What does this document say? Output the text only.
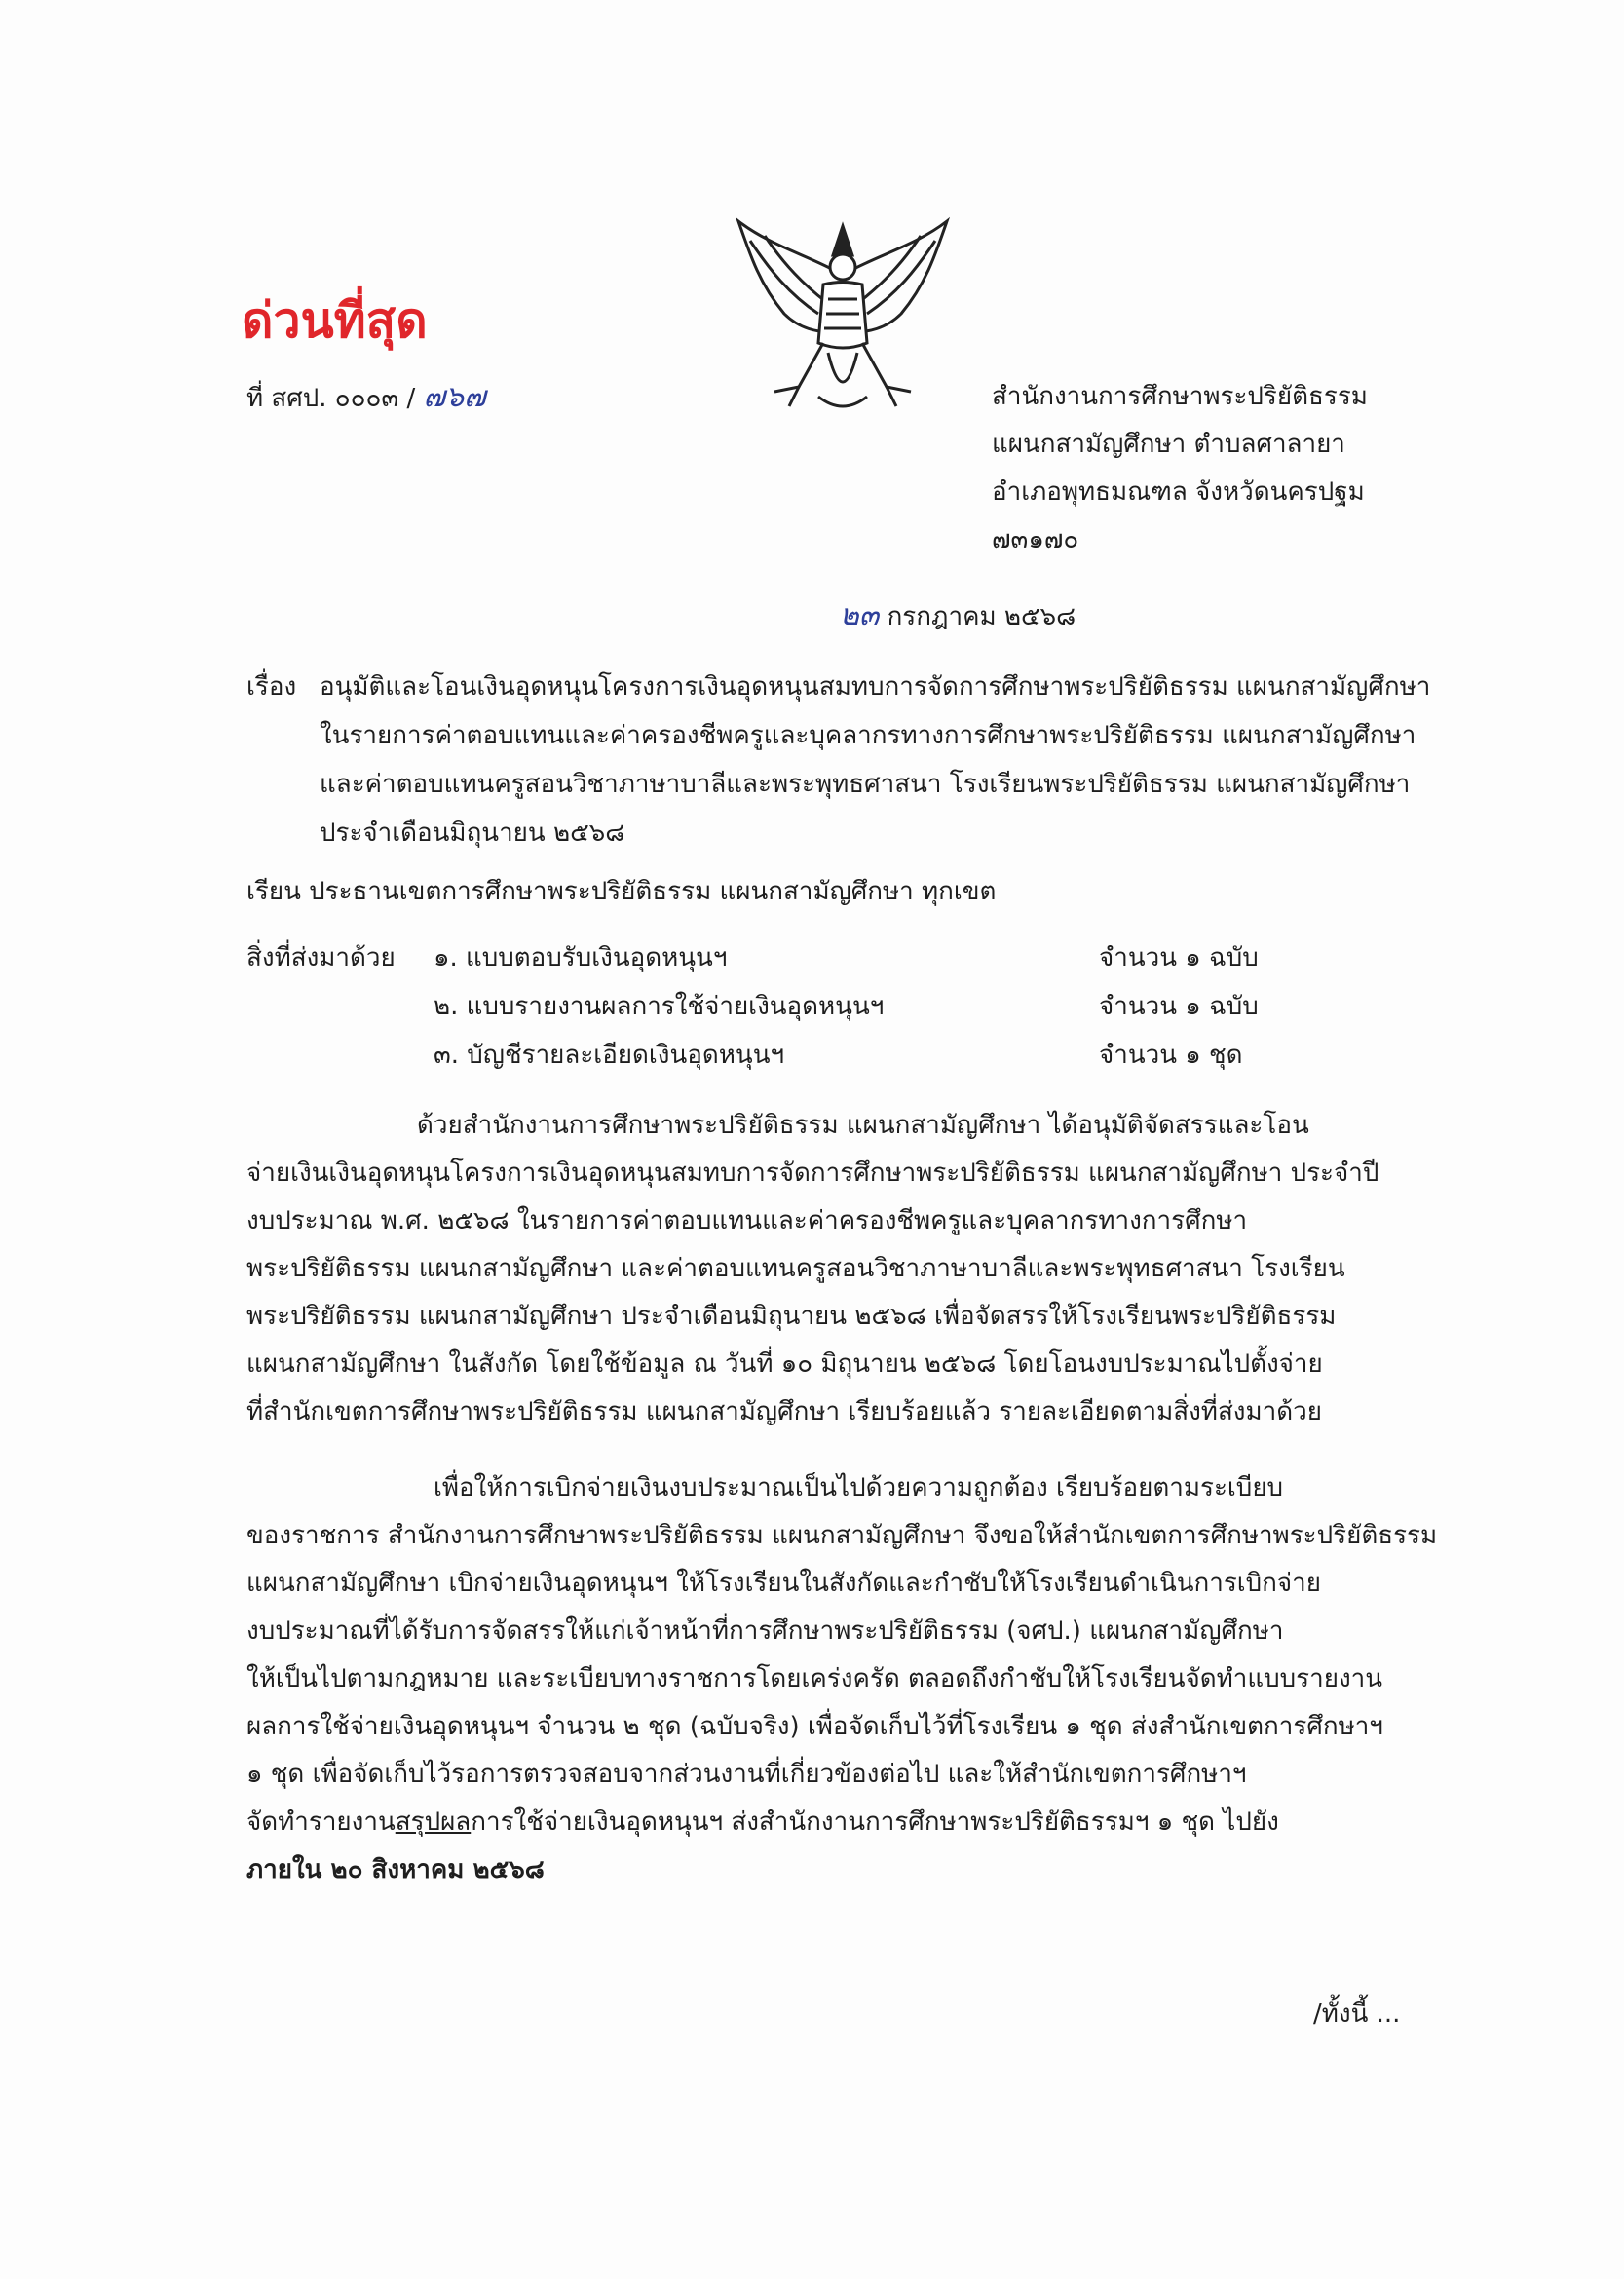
ด่วนที่สุด
ที่ สศป. ๐๐๐๓ / ๗๖๗	สำนักงานการศึกษาพระปริยัติธรรม
แผนกสามัญศึกษา ตำบลศาลายา
อำเภอพุทธมณฑล จังหวัดนครปฐม
๗๓๑๗๐
๒๓ กรกฎาคม ๒๕๖๘
เรื่อง อนุมัติและโอนเงินอุดหนุนโครงการเงินอุดหนุนสมทบการจัดการศึกษาพระปริยัติธรรม แผนกสามัญศึกษา
ในรายการค่าตอบแทนและค่าครองชีพครูและบุคลากรทางการศึกษาพระปริยัติธรรม แผนกสามัญศึกษา
และค่าตอบแทนครูสอนวิชาภาษาบาลีและพระพุทธศาสนา โรงเรียนพระปริยัติธรรม แผนกสามัญศึกษา
ประจำเดือนมิถุนายน ๒๕๖๘
เรียน ประธานเขตการศึกษาพระปริยัติธรรม แผนกสามัญศึกษา ทุกเขต
สิ่งที่ส่งมาด้วย ๑. แบบตอบรับเงินอุดหนุนฯ
๒. แบบรายงานผลการใช้จ่ายเงินอุดหนุนฯ
๓. บัญชีรายละเอียดเงินอุดหนุนฯ
จำนวน ๑ ฉบับ
จำนวน ๑ ฉบับ
จำนวน ๑ ชุด
ด้วยสำนักงานการศึกษาพระปริยัติธรรม แผนกสามัญศึกษา ได้อนุมัติจัดสรรและโอน
จ่ายเงินเงินอุดหนุนโครงการเงินอุดหนุนสมทบการจัดการศึกษาพระปริยัติธรรม แผนกสามัญศึกษา ประจำปี
งบประมาณ พ.ศ. ๒๕๖๘ ในรายการค่าตอบแทนและค่าครองชีพครูและบุคลากรทางการศึกษา
พระปริยัติธรรม แผนกสามัญศึกษา และค่าตอบแทนครูสอนวิชาภาษาบาลีและพระพุทธศาสนา โรงเรียน
พระปริยัติธรรม แผนกสามัญศึกษา ประจำเดือนมิถุนายน ๒๕๖๘ เพื่อจัดสรรให้โรงเรียนพระปริยัติธรรม
แผนกสามัญศึกษา ในสังกัด โดยใช้ข้อมูล ณ วันที่ ๑๐ มิถุนายน ๒๕๖๘ โดยโอนงบประมาณไปตั้งจ่าย
ที่สำนักเขตการศึกษาพระปริยัติธรรม แผนกสามัญศึกษา เรียบร้อยแล้ว รายละเอียดตามสิ่งที่ส่งมาด้วย
เพื่อให้การเบิกจ่ายเงินงบประมาณเป็นไปด้วยความถูกต้อง เรียบร้อยตามระเบียบ
ของราชการ สำนักงานการศึกษาพระปริยัติธรรม แผนกสามัญศึกษา จึงขอให้สำนักเขตการศึกษาพระปริยัติธรรม
แผนกสามัญศึกษา เบิกจ่ายเงินอุดหนุนฯ ให้โรงเรียนในสังกัดและกำชับให้โรงเรียนดำเนินการเบิกจ่าย
งบประมาณที่ได้รับการจัดสรรให้แก่เจ้าหน้าที่การศึกษาพระปริยัติธรรม (จศป.) แผนกสามัญศึกษา
ให้เป็นไปตามกฎหมาย และระเบียบทางราชการโดยเคร่งครัด ตลอดถึงกำชับให้โรงเรียนจัดทำแบบรายงาน
ผลการใช้จ่ายเงินอุดหนุนฯ จำนวน ๒ ชุด (ฉบับจริง) เพื่อจัดเก็บไว้ที่โรงเรียน ๑ ชุด ส่งสำนักเขตการศึกษาฯ
๑ ชุด เพื่อจัดเก็บไว้รอการตรวจสอบจากส่วนงานที่เกี่ยวข้องต่อไป และให้สำนักเขตการศึกษาฯ
จัดทำรายงานสรุปผลการใช้จ่ายเงินอุดหนุนฯ ส่งสำนักงานการศึกษาพระปริยัติธรรมฯ ๑ ชุด ไปยัง
ภายใน ๒๐ สิงหาคม ๒๕๖๘
/ทั้งนี้ ...
